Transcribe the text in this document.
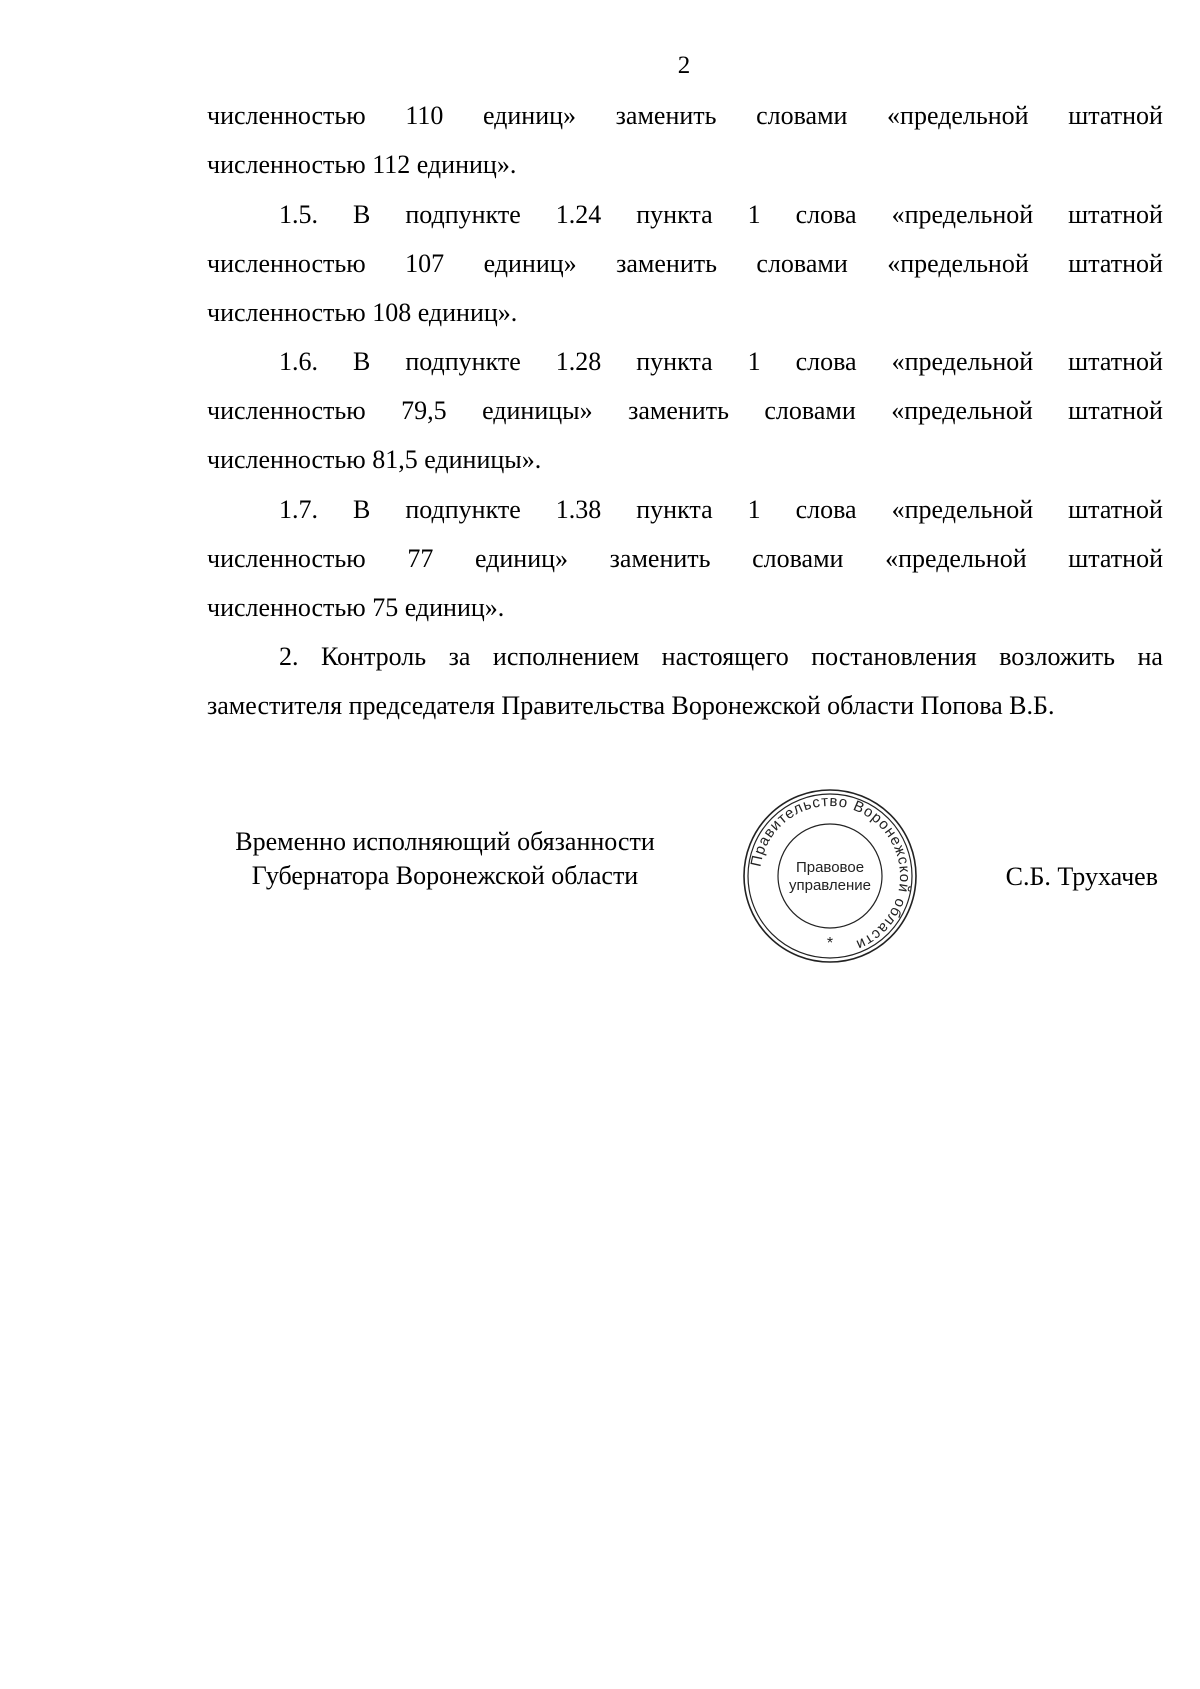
2
численностью 110 единиц» заменить словами «предельной штатной
численностью 112 единиц».
1.5. В подпункте 1.24 пункта 1 слова «предельной штатной
численностью 107 единиц» заменить словами «предельной штатной
численностью 108 единиц».
1.6. В подпункте 1.28 пункта 1 слова «предельной штатной
численностью 79,5 единицы» заменить словами «предельной штатной
численностью 81,5 единицы».
1.7. В подпункте 1.38 пункта 1 слова «предельной штатной
численностью 77 единиц» заменить словами «предельной штатной
численностью 75 единиц».
2. Контроль за исполнением настоящего постановления возложить на
заместителя председателя Правительства Воронежской области Попова В.Б.
Временно исполняющий обязанности
Губернатора Воронежской области
Правительство Воронежской области
Правовое
управление
*
С.Б. Трухачев
